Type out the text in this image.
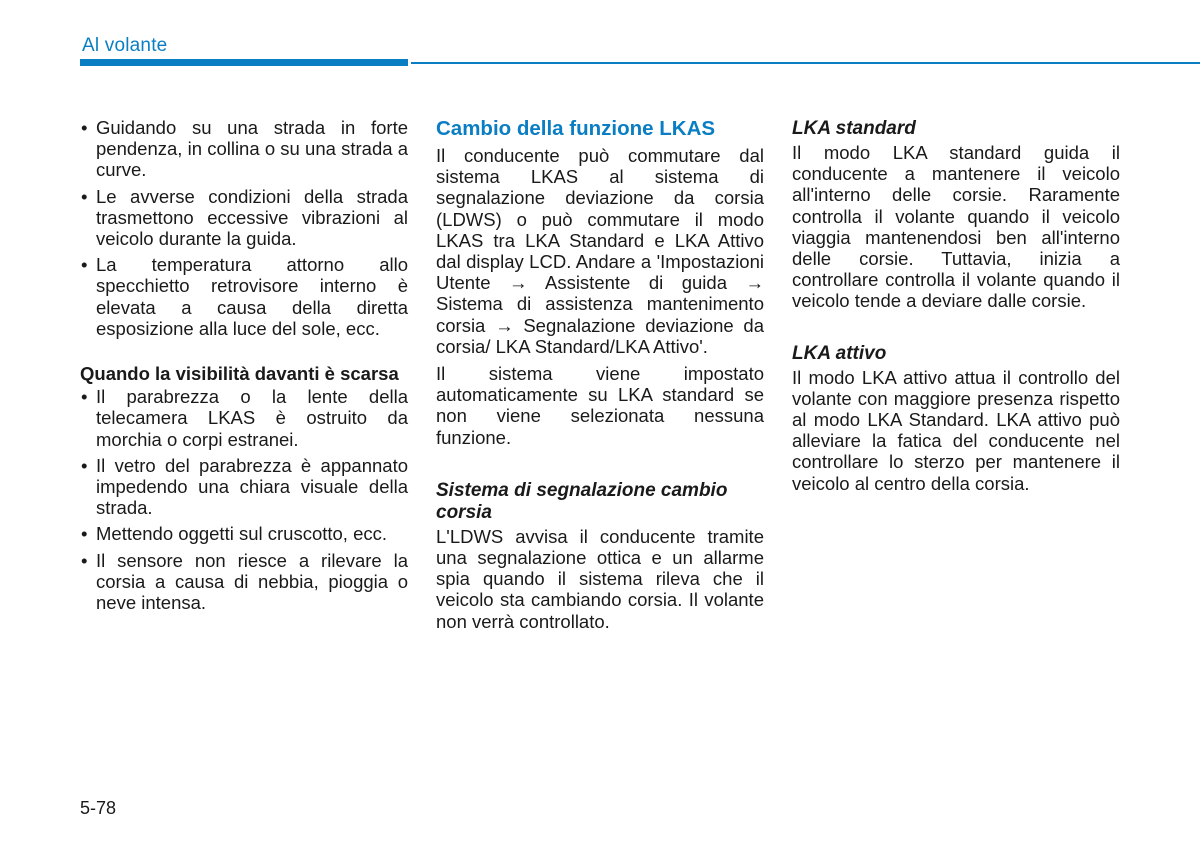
Al volante
• Guidando su una strada in forte pendenza, in collina o su una strada a curve.
• Le avverse condizioni della strada trasmettono eccessive vibrazioni al veicolo durante la guida.
• La temperatura attorno allo specchietto retrovisore interno è elevata a causa della diretta esposizione alla luce del sole, ecc.

Quando la visibilità davanti è scarsa

• Il parabrezza o la lente della telecamera LKAS è ostruito da morchia o corpi estranei.
• Il vetro del parabrezza è appannato impedendo una chiara visuale della strada.
• Mettendo oggetti sul cruscotto, ecc.
• Il sensore non riesce a rilevare la corsia a causa di nebbia, pioggia o neve intensa.

Cambio della funzione LKAS

Il conducente può commutare dal sistema LKAS al sistema di segnalazione deviazione da corsia (LDWS) o può commutare il modo LKAS tra LKA Standard e LKA Attivo dal display LCD. Andare a 'Impostazioni Utente → Assistente di guida → Sistema di assistenza mantenimento corsia → Segnalazione deviazione da corsia/ LKA Standard/LKA Attivo'.

Il sistema viene impostato automaticamente su LKA standard se non viene selezionata nessuna funzione.

Sistema di segnalazione cambio corsia

L'LDWS avvisa il conducente tramite una segnalazione ottica e un allarme spia quando il sistema rileva che il veicolo sta cambiando corsia. Il volante non verrà controllato.

LKA standard

Il modo LKA standard guida il conducente a mantenere il veicolo all'interno delle corsie. Raramente controlla il volante quando il veicolo viaggia mantenendosi ben all'interno delle corsie. Tuttavia, inizia a controllare controlla il volante quando il veicolo tende a deviare dalle corsie.

LKA attivo

Il modo LKA attivo attua il controllo del volante con maggiore presenza rispetto al modo LKA Standard. LKA attivo può alleviare la fatica del conducente nel controllare lo sterzo per mantenere il veicolo al centro della corsia.

5-78
